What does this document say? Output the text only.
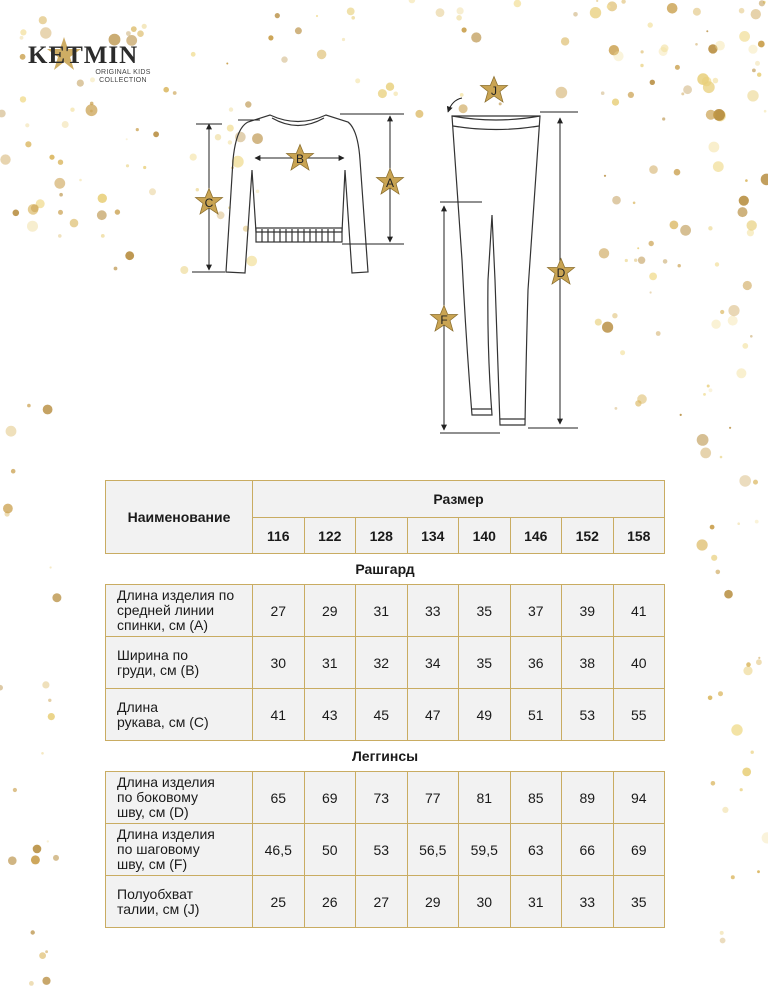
KETMIN
ORIGINAL KIDS
COLLECTION
B
C
A
J
D
F
Наименование	Размер							
	116	122	128	134	140	146	152	158
Рашгард								

Длина изделия по
средней линии
спинки, см (А)	27	29	31	33	35	37	39	41

Ширина по
груди, см (В)	30	31	32	34	35	36	38	40

Длина
рукава, см (С)	41	43	45	47	49	51	53	55
Леггинсы								

Длина изделия
по боковому
шву, см (D)	65	69	73	77	81	85	89	94

Длина изделия
по шаговому
шву, см (F)	46,5	50	53	56,5	59,5	63	66	69

Полуобхват
талии, см (J)	25	26	27	29	30	31	33	35
